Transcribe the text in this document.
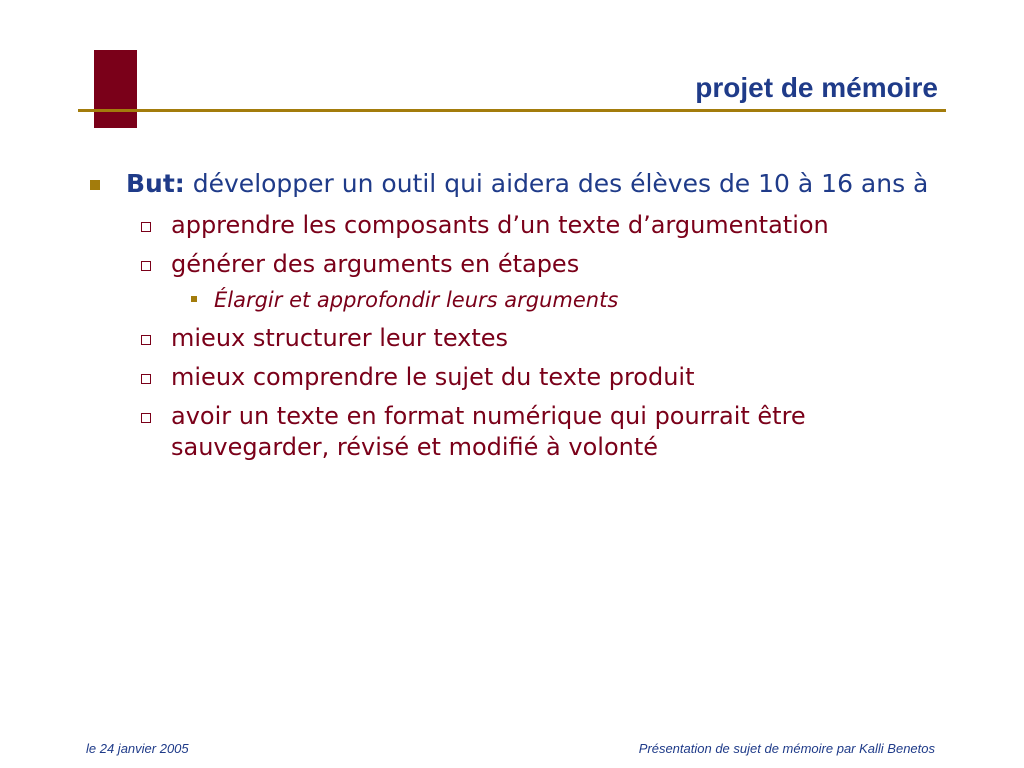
projet de mémoire
But: développer un outil qui aidera des élèves de 10 à 16 ans à
apprendre les composants d’un texte d’argumentation
générer des arguments en étapes
Élargir et approfondir leurs arguments
mieux structurer leur textes
mieux comprendre le sujet du texte produit
avoir un texte en format numérique qui pourrait être sauvegarder, révisé et modifié à volonté
le 24 janvier 2005	Présentation de sujet de mémoire par Kalli Benetos
